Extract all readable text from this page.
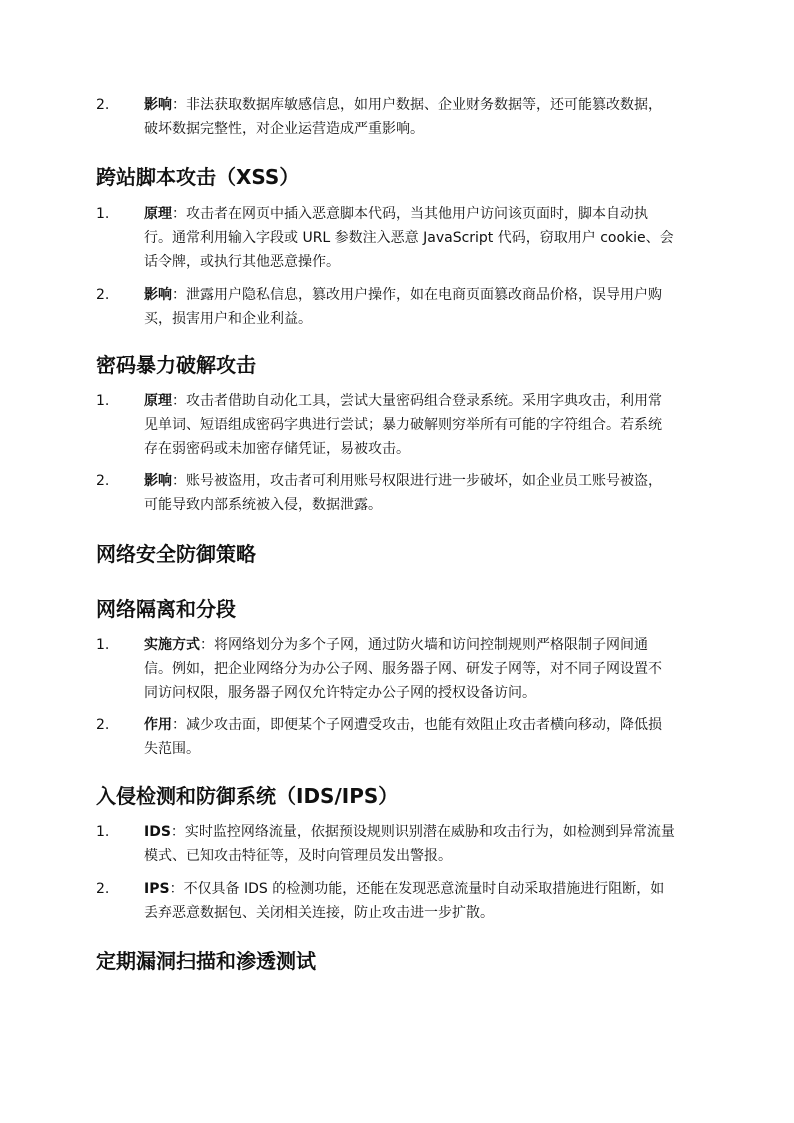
2.	影响：非法获取数据库敏感信息，如用户数据、企业财务数据等，还可能篡改数据，
破坏数据完整性，对企业运营造成严重影响。
跨站脚本攻击（XSS）
1.	原理：攻击者在网页中插入恶意脚本代码，当其他用户访问该页面时，脚本自动执
行。通常利用输入字段或 URL 参数注入恶意 JavaScript 代码，窃取用户 cookie、会
话令牌，或执行其他恶意操作。
2.	影响：泄露用户隐私信息，篡改用户操作，如在电商页面篡改商品价格，误导用户购
买，损害用户和企业利益。
密码暴力破解攻击
1.	原理：攻击者借助自动化工具，尝试大量密码组合登录系统。采用字典攻击，利用常
见单词、短语组成密码字典进行尝试；暴力破解则穷举所有可能的字符组合。若系统
存在弱密码或未加密存储凭证，易被攻击。
2.	影响：账号被盗用，攻击者可利用账号权限进行进一步破坏，如企业员工账号被盗，
可能导致内部系统被入侵，数据泄露。
网络安全防御策略
网络隔离和分段
1.	实施方式：将网络划分为多个子网，通过防火墙和访问控制规则严格限制子网间通
信。例如，把企业网络分为办公子网、服务器子网、研发子网等，对不同子网设置不
同访问权限，服务器子网仅允许特定办公子网的授权设备访问。
2.	作用：减少攻击面，即便某个子网遭受攻击，也能有效阻止攻击者横向移动，降低损
失范围。
入侵检测和防御系统（IDS/IPS）
1.	IDS：实时监控网络流量，依据预设规则识别潜在威胁和攻击行为，如检测到异常流量
模式、已知攻击特征等，及时向管理员发出警报。
2.	IPS：不仅具备 IDS 的检测功能，还能在发现恶意流量时自动采取措施进行阻断，如
丢弃恶意数据包、关闭相关连接，防止攻击进一步扩散。
定期漏洞扫描和渗透测试
